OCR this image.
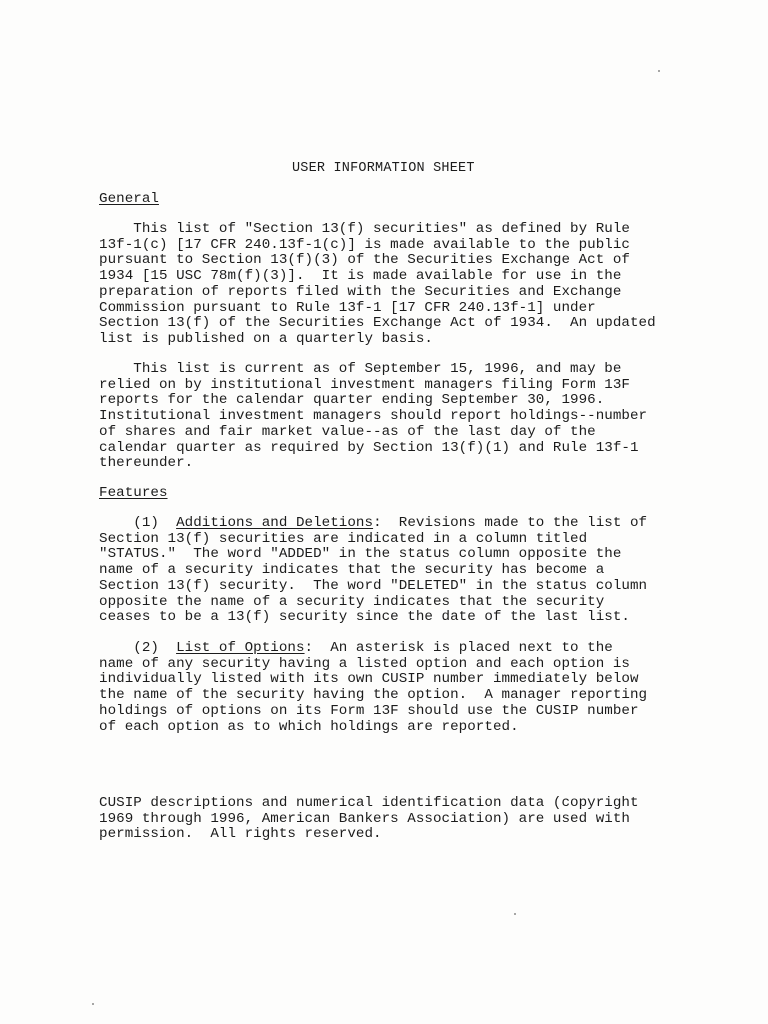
USER INFORMATION SHEET
General
This list of "Section 13(f) securities" as defined by Rule
13f-1(c) [17 CFR 240.13f-1(c)] is made available to the public
pursuant to Section 13(f)(3) of the Securities Exchange Act of
1934 [15 USC 78m(f)(3)].  It is made available for use in the
preparation of reports filed with the Securities and Exchange
Commission pursuant to Rule 13f-1 [17 CFR 240.13f-1] under
Section 13(f) of the Securities Exchange Act of 1934.  An updated
list is published on a quarterly basis.
This list is current as of September 15, 1996, and may be
relied on by institutional investment managers filing Form 13F
reports for the calendar quarter ending September 30, 1996.
Institutional investment managers should report holdings--number
of shares and fair market value--as of the last day of the
calendar quarter as required by Section 13(f)(1) and Rule 13f-1
thereunder.
Features
(1)  Additions and Deletions:  Revisions made to the list of
Section 13(f) securities are indicated in a column titled
"STATUS."  The word "ADDED" in the status column opposite the
name of a security indicates that the security has become a
Section 13(f) security.  The word "DELETED" in the status column
opposite the name of a security indicates that the security
ceases to be a 13(f) security since the date of the last list.
(2)  List of Options:  An asterisk is placed next to the
name of any security having a listed option and each option is
individually listed with its own CUSIP number immediately below
the name of the security having the option.  A manager reporting
holdings of options on its Form 13F should use the CUSIP number
of each option as to which holdings are reported.
CUSIP descriptions and numerical identification data (copyright
1969 through 1996, American Bankers Association) are used with
permission.  All rights reserved.
